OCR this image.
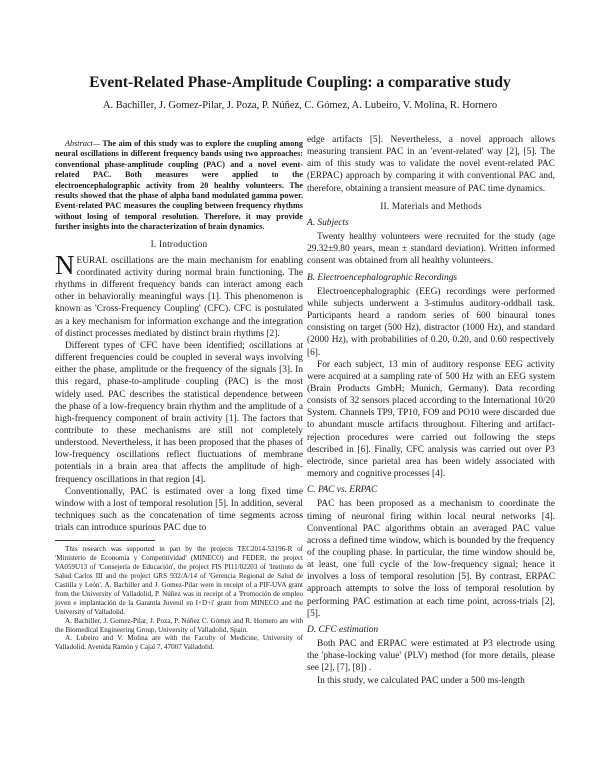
Event-Related Phase-Amplitude Coupling: a comparative study
A. Bachiller, J. Gomez-Pilar, J. Poza, P. Núñez, C. Gómez, A. Lubeiro, V. Molina, R. Hornero

Abstract— The aim of this study was to explore the coupling among neural oscillations in different frequency bands using two approaches: conventional phase-amplitude coupling (PAC) and a novel event-related PAC. Both measures were applied to the electroencephalographic activity from 20 healthy volunteers. The results showed that the phase of alpha band modulated gamma power. Event-related PAC measures the coupling between frequency rhythms without losing of temporal resolution. Therefore, it may provide further insights into the characterization of brain dynamics.

I. Introduction

NEURAL oscillations are the main mechanism for enabling coordinated activity during normal brain functioning. The rhythms in different frequency bands can interact among each other in behaviorally meaningful ways [1]. This phenomenon is known as 'Cross-Frequency Coupling' (CFC). CFC is postulated as a key mechanism for information exchange and the integration of distinct processes mediated by distinct brain rhythms [2].

Different types of CFC have been identified; oscillations at different frequencies could be coupled in several ways involving either the phase, amplitude or the frequency of the signals [3]. In this regard, phase-to-amplitude coupling (PAC) is the most widely used. PAC describes the statistical dependence between the phase of a low-frequency brain rhythm and the amplitude of a high-frequency component of brain activity [1]. The factors that contribute to these mechanisms are still not completely understood. Nevertheless, it has been proposed that the phases of low-frequency oscillations reflect fluctuations of membrane potentials in a brain area that affects the amplitude of high-frequency oscillations in that region [4].

Conventionally, PAC is estimated over a long fixed time window with a lost of temporal resolution [5]. In addition, several techniques such as the concatenation of time segments across trials can introduce spurious PAC due to

This research was supported in part by the projects TEC2014-53196-R of 'Ministerio de Economía y Competitividad' (MINECO) and FEDER, the project VA059U13 of 'Consejería de Educación', the project FIS PI11/02203 of 'Instituto de Salud Carlos III and the project GRS 932/A/14 of 'Gerencia Regional de Salud de Castilla y León'. A. Bachiller and J. Gomez-Pilar were in receipt of a PIF-UVA grant from the University of Valladolid, P. Núñez was in receipt of a 'Promoción de empleo joven e implantación de la Garantía Juvenil en I+D+i' grant from MINECO and the University of Valladolid.

A. Bachiller, J. Gomez-Pilar, J. Poza, P. Núñez C. Gómez and R. Hornero are with the Biomedical Engineering Group, University of Valladolid, Spain.

A. Lubeiro and V. Molina are with the Faculty of Medicine, University of Valladolid, Avenida Ramón y Cajal 7, 47007 Valladolid.

edge artifacts [5]. Nevertheless, a novel approach allows measuring transient PAC in an 'event-related' way [2], [5]. The aim of this study was to validate the novel event-related PAC (ERPAC) approach by comparing it with conventional PAC and, therefore, obtaining a transient measure of PAC time dynamics.

II. Materials and Methods
A. Subjects

Twenty healthy volunteers were recruited for the study (age 29.32±9.80 years, mean ± standard deviation). Written informed consent was obtained from all healthy volunteers.

B. Electroencephalographic Recordings

Electroencephalographic (EEG) recordings were performed while subjects underwent a 3-stimulus auditory-oddball task. Participants heard a random series of 600 binaural tones consisting on target (500 Hz), distractor (1000 Hz), and standard (2000 Hz), with probabilities of 0.20, 0.20, and 0.60 respectively [6].

For each subject, 13 min of auditory response EEG activity were acquired at a sampling rate of 500 Hz with an EEG system (Brain Products GmbH; Munich, Germany). Data recording consists of 32 sensors placed according to the International 10/20 System. Channels TP9, TP10, FO9 and PO10 were discarded due to abundant muscle artifacts throughout. Filtering and artifact-rejection procedures were carried out following the steps described in [6]. Finally, CFC analysis was carried out over P3 electrode, since parietal area has been widely associated with memory and cognitive processes [4].

C. PAC vs. ERPAC

PAC has been proposed as a mechanism to coordinate the timing of neuronal firing within local neural networks [4]. Conventional PAC algorithms obtain an averaged PAC value across a defined time window, which is bounded by the frequency of the coupling phase. In particular, the time window should be, at least, one full cycle of the low-frequency signal; hence it involves a loss of temporal resolution [5]. By contrast, ERPAC approach attempts to solve the loss of temporal resolution by performing PAC estimation at each time point, across-trials [2], [5].

D. CFC estimation

Both PAC and ERPAC were estimated at P3 electrode using the 'phase-locking value' (PLV) method (for more details, please see [2], [7], [8]) .

In this study, we calculated PAC under a 500 ms-length
